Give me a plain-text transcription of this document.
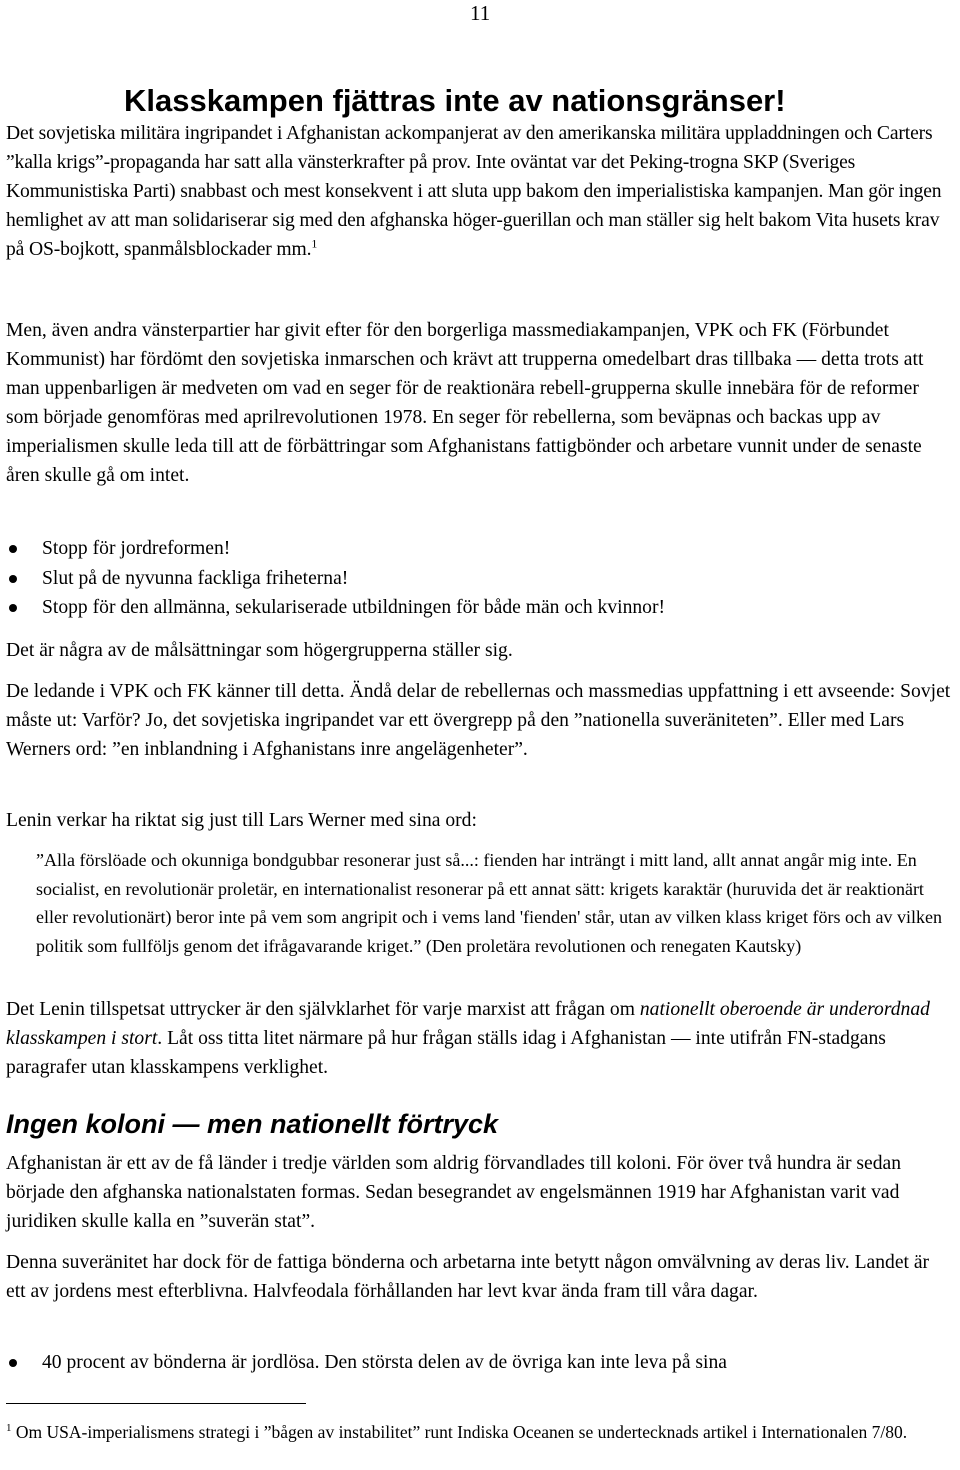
11
Klasskampen fjättras inte av nationsgränser!

Det sovjetiska militära ingripandet i Afghanistan ackompanjerat av den amerikanska militära uppladdningen och Carters ”kalla krigs”-propaganda har satt alla vänsterkrafter på prov. Inte oväntat var det Peking-trogna SKP (Sveriges Kommunistiska Parti) snabbast och mest konsekvent i att sluta upp bakom den imperialistiska kampanjen. Man gör ingen hemlighet av att man solidariserar sig med den afghanska höger-guerillan och man ställer sig helt bakom Vita husets krav på OS-bojkott, spanmålsblockader mm.$^1$

Men, även andra vänsterpartier har givit efter för den borgerliga massmediakampanjen, VPK och FK (Förbundet Kommunist) har fördömt den sovjetiska inmarschen och krävt att trupperna omedelbart dras tillbaka — detta trots att man uppenbarligen är medveten om vad en seger för de reaktionära rebell-grupperna skulle innebära för de reformer som började genomföras med aprilrevolutionen 1978. En seger för rebellerna, som beväpnas och backas upp av imperialismen skulle leda till att de förbättringar som Afghanistans fattigbönder och arbetare vunnit under de senaste åren skulle gå om intet.

Stopp för jordreformen!
Slut på de nyvunna fackliga friheterna!
Stopp för den allmänna, sekulariserade utbildningen för både män och kvinnor!

Det är några av de målsättningar som högergrupperna ställer sig.

De ledande i VPK och FK känner till detta. Ändå delar de rebellernas och massmedias uppfattning i ett avseende: Sovjet måste ut: Varför? Jo, det sovjetiska ingripandet var ett övergrepp på den ”nationella suveräniteten”. Eller med Lars Werners ord: ”en inblandning i Afghanistans inre angelägenheter”.

Lenin verkar ha riktat sig just till Lars Werner med sina ord:

”Alla förslöade och okunniga bondgubbar resonerar just så...: fienden har inträngt i mitt land, allt annat angår mig inte. En socialist, en revolutionär proletär, en internationalist resonerar på ett annat sätt: krigets karaktär (huruvida det är reaktionärt eller revolutionärt) beror inte på vem som angripit och i vems land 'fienden' står, utan av vilken klass kriget förs och av vilken politik som fullföljs genom det ifrågavarande kriget.” (Den proletära revolutionen och renegaten Kautsky)

Det Lenin tillspetsat uttrycker är den självklarhet för varje marxist att frågan om nationellt oberoende är underordnad klasskampen i stort. Låt oss titta litet närmare på hur frågan ställs idag i Afghanistan — inte utifrån FN-stadgans paragrafer utan klasskampens verklighet.

Ingen koloni — men nationellt förtryck

Afghanistan är ett av de få länder i tredje världen som aldrig förvandlades till koloni. För över två hundra är sedan började den afghanska nationalstaten formas. Sedan besegrandet av engelsmännen 1919 har Afghanistan varit vad juridiken skulle kalla en ”suverän stat”.

Denna suveränitet har dock för de fattiga bönderna och arbetarna inte betytt någon omvälvning av deras liv. Landet är ett av jordens mest efterblivna. Halvfeodala förhållanden har levt kvar ända fram till våra dagar.

40 procent av bönderna är jordlösa. Den största delen av de övriga kan inte leva på sina

$^1$ Om USA-imperialismens strategi i ”bågen av instabilitet” runt Indiska Oceanen se undertecknads artikel i Internationalen 7/80.
